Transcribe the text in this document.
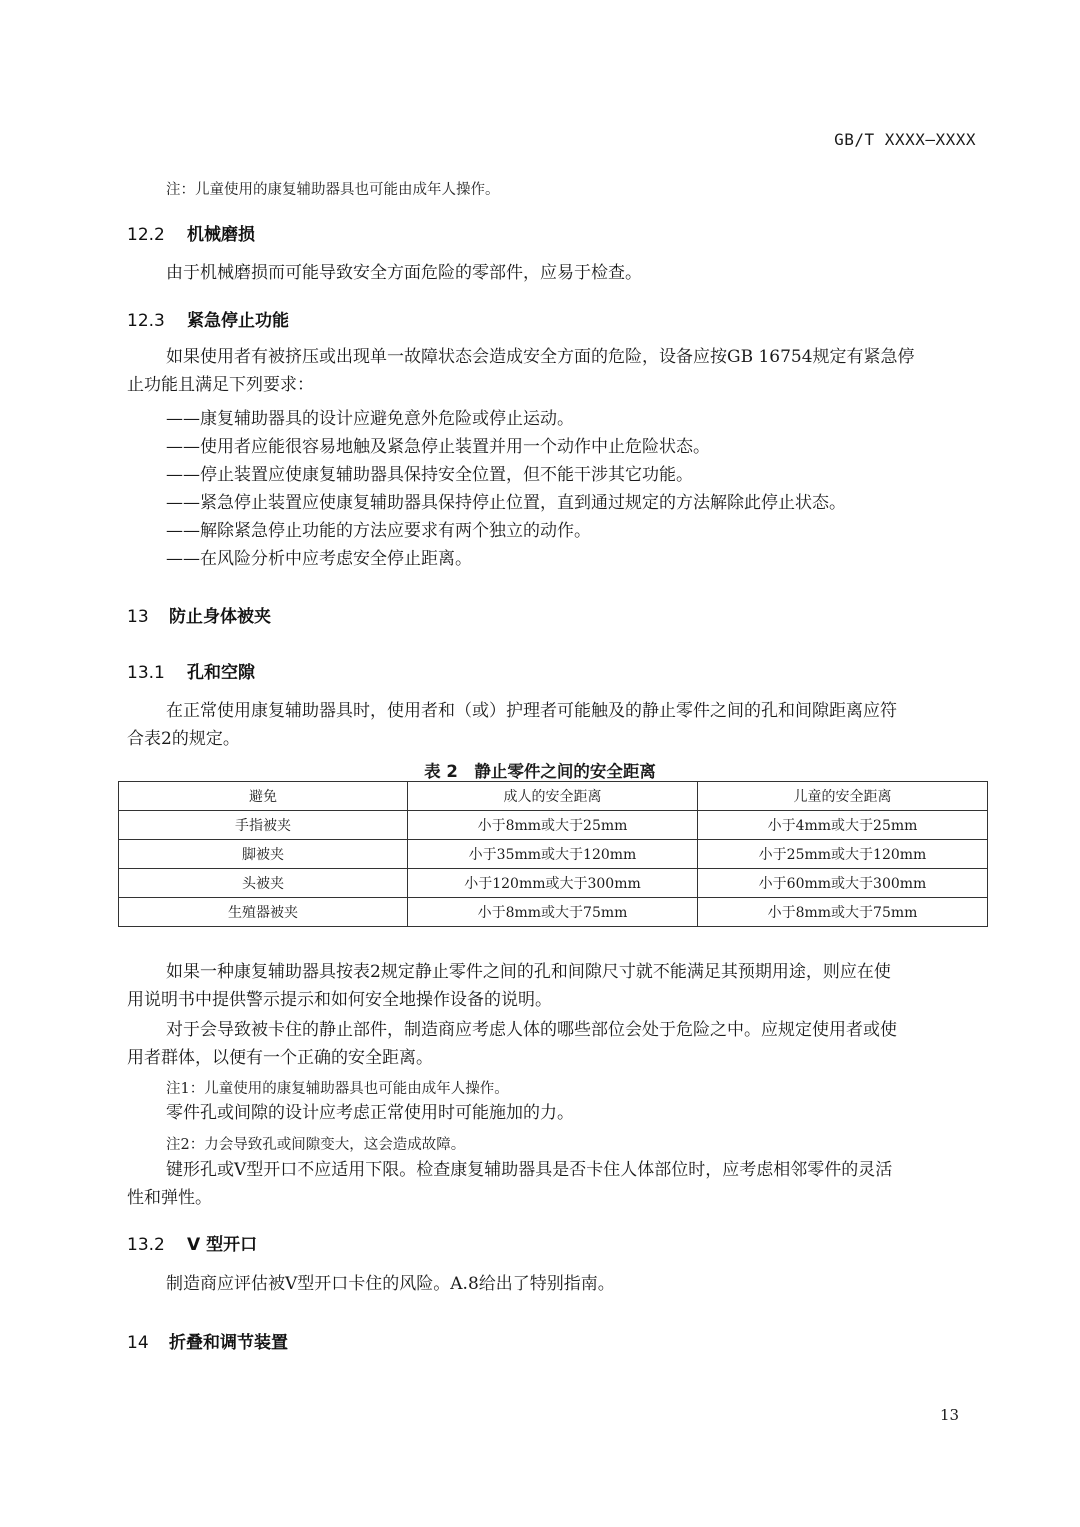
GB/T XXXX—XXXX
注：儿童使用的康复辅助器具也可能由成年人操作。
12.2 机械磨损
由于机械磨损而可能导致安全方面危险的零部件，应易于检查。
12.3 紧急停止功能
如果使用者有被挤压或出现单一故障状态会造成安全方面的危险，设备应按GB 16754规定有紧急停
止功能且满足下列要求：
——康复辅助器具的设计应避免意外危险或停止运动。
——使用者应能很容易地触及紧急停止装置并用一个动作中止危险状态。
——停止装置应使康复辅助器具保持安全位置，但不能干涉其它功能。
——紧急停止装置应使康复辅助器具保持停止位置，直到通过规定的方法解除此停止状态。
——解除紧急停止功能的方法应要求有两个独立的动作。
——在风险分析中应考虑安全停止距离。
13 防止身体被夹
13.1 孔和空隙
在正常使用康复辅助器具时，使用者和（或）护理者可能触及的静止零件之间的孔和间隙距离应符
合表2的规定。
表 2　静止零件之间的安全距离
避免	成人的安全距离	儿童的安全距离
手指被夹	小于8mm或大于25mm	小于4mm或大于25mm
脚被夹	小于35mm或大于120mm	小于25mm或大于120mm
头被夹	小于120mm或大于300mm	小于60mm或大于300mm
生殖器被夹	小于8mm或大于75mm	小于8mm或大于75mm
如果一种康复辅助器具按表2规定静止零件之间的孔和间隙尺寸就不能满足其预期用途，则应在使
用说明书中提供警示提示和如何安全地操作设备的说明。
对于会导致被卡住的静止部件，制造商应考虑人体的哪些部位会处于危险之中。应规定使用者或使
用者群体，以便有一个正确的安全距离。
注1：儿童使用的康复辅助器具也可能由成年人操作。
零件孔或间隙的设计应考虑正常使用时可能施加的力。
注2：力会导致孔或间隙变大，这会造成故障。
键形孔或V型开口不应适用下限。检查康复辅助器具是否卡住人体部位时，应考虑相邻零件的灵活
性和弹性。
13.2 V 型开口
制造商应评估被V型开口卡住的风险。A.8给出了特别指南。
14 折叠和调节装置
13
